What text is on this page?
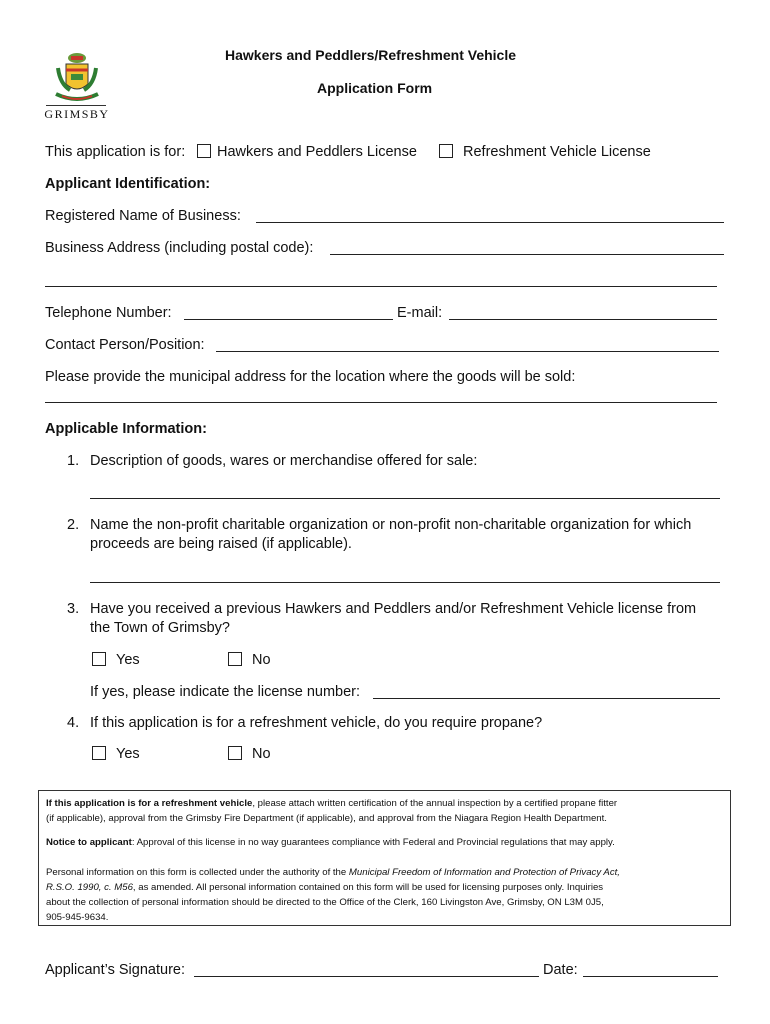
GRIMSBY
Hawkers and Peddlers/Refreshment Vehicle
Application Form
This application is for: Hawkers and Peddlers License	Refreshment Vehicle License
Applicant Identification:
Registered Name of Business:
Business Address (including postal code):
Telephone Number:	E-mail:
Contact Person/Position:
Please provide the municipal address for the location where the goods will be sold:
Applicable Information:
1. Description of goods, wares or merchandise offered for sale:
2. Name the non-profit charitable organization or non-profit non-charitable organization for which
proceeds are being raised (if applicable).
3. Have you received a previous Hawkers and Peddlers and/or Refreshment Vehicle license from
the Town of Grimsby?
Yes	No
If yes, please indicate the license number:
4. If this application is for a refreshment vehicle, do you require propane?
Yes	No
If this application is for a refreshment vehicle, please attach written certification of the annual inspection by a certified propane fitter
(if applicable), approval from the Grimsby Fire Department (if applicable), and approval from the Niagara Region Health Department.
Notice to applicant: Approval of this license in no way guarantees compliance with Federal and Provincial regulations that may apply.
Personal information on this form is collected under the authority of the Municipal Freedom of Information and Protection of Privacy Act,
R.S.O. 1990, c. M56, as amended. All personal information contained on this form will be used for licensing purposes only. Inquiries
about the collection of personal information should be directed to the Office of the Clerk, 160 Livingston Ave, Grimsby, ON L3M 0J5,
905-945-9634.
Applicant’s Signature:	Date:
